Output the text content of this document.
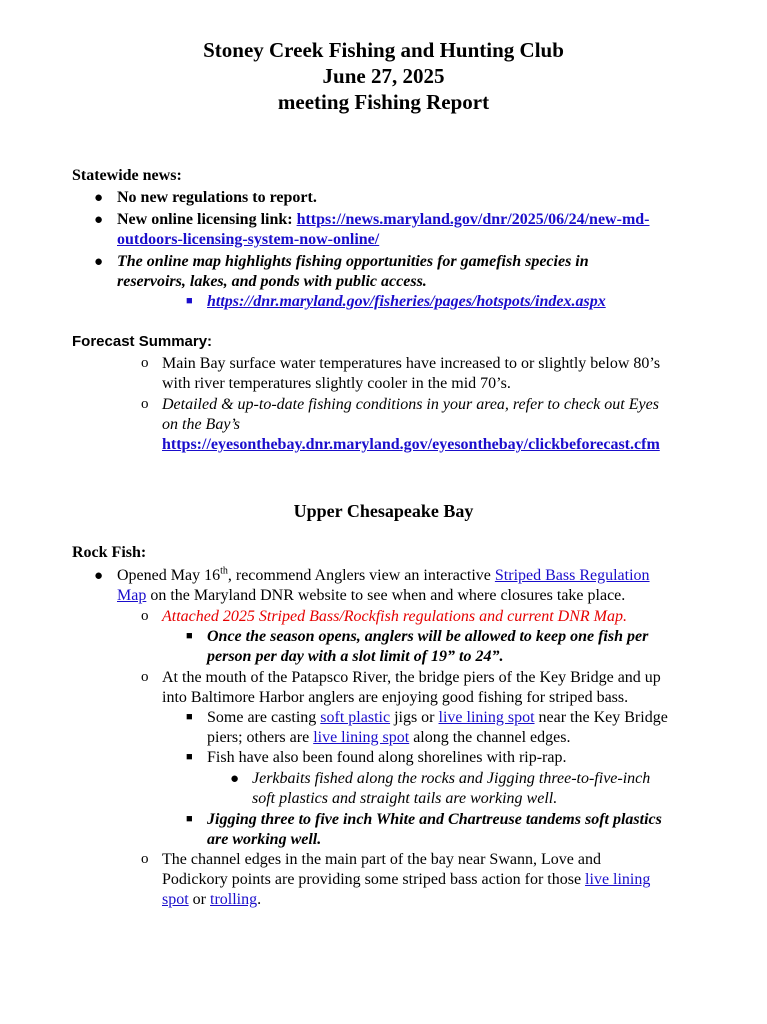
Stoney Creek Fishing and Hunting Club
June 27, 2025
meeting Fishing Report
Statewide news:
● No new regulations to report.
● New online licensing link: https://news.maryland.gov/dnr/2025/06/24/new-md-
outdoors-licensing-system-now-online/
● The online map highlights fishing opportunities for gamefish species in
reservoirs, lakes, and ponds with public access.
■ https://dnr.maryland.gov/fisheries/pages/hotspots/index.aspx
Forecast Summary:
o Main Bay surface water temperatures have increased to or slightly below 80’s
with river temperatures slightly cooler in the mid 70’s.
o Detailed & up-to-date fishing conditions in your area, refer to check out Eyes
on the Bay’s
https://eyesonthebay.dnr.maryland.gov/eyesonthebay/clickbeforecast.cfm
Upper Chesapeake Bay
Rock Fish:
● Opened May 16th, recommend Anglers view an interactive Striped Bass Regulation
Map on the Maryland DNR website to see when and where closures take place.
o Attached 2025 Striped Bass/Rockfish regulations and current DNR Map.
■ Once the season opens, anglers will be allowed to keep one fish per
person per day with a slot limit of 19” to 24”.
o At the mouth of the Patapsco River, the bridge piers of the Key Bridge and up
into Baltimore Harbor anglers are enjoying good fishing for striped bass.
■ Some are casting soft plastic jigs or live lining spot near the Key Bridge
piers; others are live lining spot along the channel edges.
■ Fish have also been found along shorelines with rip-rap.
● Jerkbaits fished along the rocks and Jigging three-to-five-inch
soft plastics and straight tails are working well.
■ Jigging three to five inch White and Chartreuse tandems soft plastics
are working well.
o The channel edges in the main part of the bay near Swann, Love and
Podickory points are providing some striped bass action for those live lining
spot or trolling.
